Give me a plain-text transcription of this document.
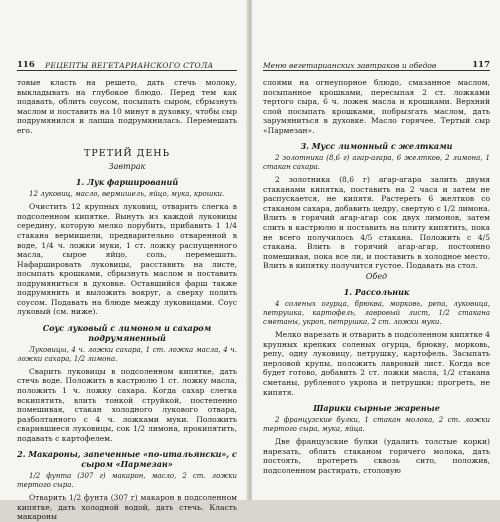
116 РЕЦЕПТЫ ВЕГЕТАРИАНСКОГО СТОЛА

товые класть на решето, дать стечь молоку, выкладывать на глубокое блюдо. Перед тем как подавать, облить соусом, посыпать сыром, сбрызнуть маслом и поставить на 10 минут в духовку, чтобы сыр подрумянился и лапша подрумянилась. Перемешать его.

ТРЕТИЙ ДЕНЬ
Завтрак
1. Лук фарширований
12 луковиц, масло, вермишель, яйцо, мука, крошки.

Очистить 12 крупных луковиц, отварить слегка в подсоленном кипятке. Вынуть из каждой луковицы середину, которую мелко порубить, прибавить 1 1/4 стакана вермишели, предварительно отваренной в воде, 1/4 ч. ложки муки, 1 ст. ложку распущенного масла, сырое яйцо, соль, перемешать. Нафаршировать луковицы, расставить на листе, посыпать крошками, сбрызнуть маслом и поставить подрумяниться в духовке. Оставшийся фарш также подрумянить и выложить вокруг, а сверху полить соусом. Подавать на блюде между луковицами. Соус луковый (см. ниже).

Соус луковый с лимоном и сахаром подрумяненный
Луковицы, 4 ч. ложки сахара, 1 ст. ложка масла, 4 ч. ложки сахара, 1/2 лимона.

Сварить луковицы в подсоленном кипятке, дать стечь воде. Положить в кастрюлю 1 ст. ложку масла, положить 1 ч. ложку сахара. Когда сахар слегка вскипятить, влить тонкой струйкой, постепенно помешивая, стакан холодного лукового отвара, разболтанного с 4 ч. ложками муки. Положить сварившиеся луковицы, сок 1/2 лимона, прокипятить, подавать с картофелем.

2. Макароны, запеченные «по-итальянски», с сыром «Пармезан»
1/2 фунта (307 г) макарон, масло, 2 ст. ложки тертого сыра.

Отварить 1/2 фунта (307 г) макарон в подсоленном кипятке, дать холодной водой, дать стечь. Класть макароны

Меню вегетарианских завтраков и обедов	117

слоями на огнеупорное блюдо, смазанное маслом, посыпанное крошками, пересыпая 2 ст. ложками тертого сыра, 6 ч. ложек масла и крошками. Верхний слой посыпать крошками, побрызгать маслом, дать зарумяниться в духовке. Масло горячее. Тертый сыр «Пармезан».

3. Мусс лимонный с желтками
2 золотника (8,6 г) агар-агара, 6 желтков, 2 лимона, 1 стакан сахара.

2 золотника (8,6 г) агар-агара залить двумя стаканами кипятка, поставить на 2 часа и затем не распускается, не кипятя. Растереть 6 желтков со стаканом сахара, добавить цедру, свертую с 1/2 лимона. Влить в горячий агар-агар сок двух лимонов, затем слить в кастрюлю и поставить на плиту кипятить, пока не всего получилось 4/5 стакана. Положить с 4/5 стакана. Влить в горячий агар-агар, постоянно помешивая, пока все ли, и поставить в холодное место. Влить в кипятку получится густое. Подавать на стол.

Обед
1. Рассольник
4 соленых огурца, брюква, морковь, репа, луковица, петрушка, картофель, лавровый лист, 1/2 стакана сметаны, укроп, петрушка, 2 ст. ложки муки.

Мелко нарезать и отварить в подсоленном кипятке 4 крупных крепких соленых огурца, брюкву, морковь, репу, одну луковицу, петрушку, картофель. Засыпать перловой крупы, положить лавровый лист. Когда все будет готово, добавить 2 ст. ложки масла, 1/2 стакана сметаны, рубленого укропа и петрушки; прогреть, не кипятя.

Шарики сырные жареные
2 французские булки, 1 стакан молока, 2 ст. ложки тертого сыра, мука, яйца.

Две французские булки (удалить толстые корки) нарезать, облить стаканом горячего молока, дать постоять, протереть сквозь сито, положив, подсоленном растирать, столовую
